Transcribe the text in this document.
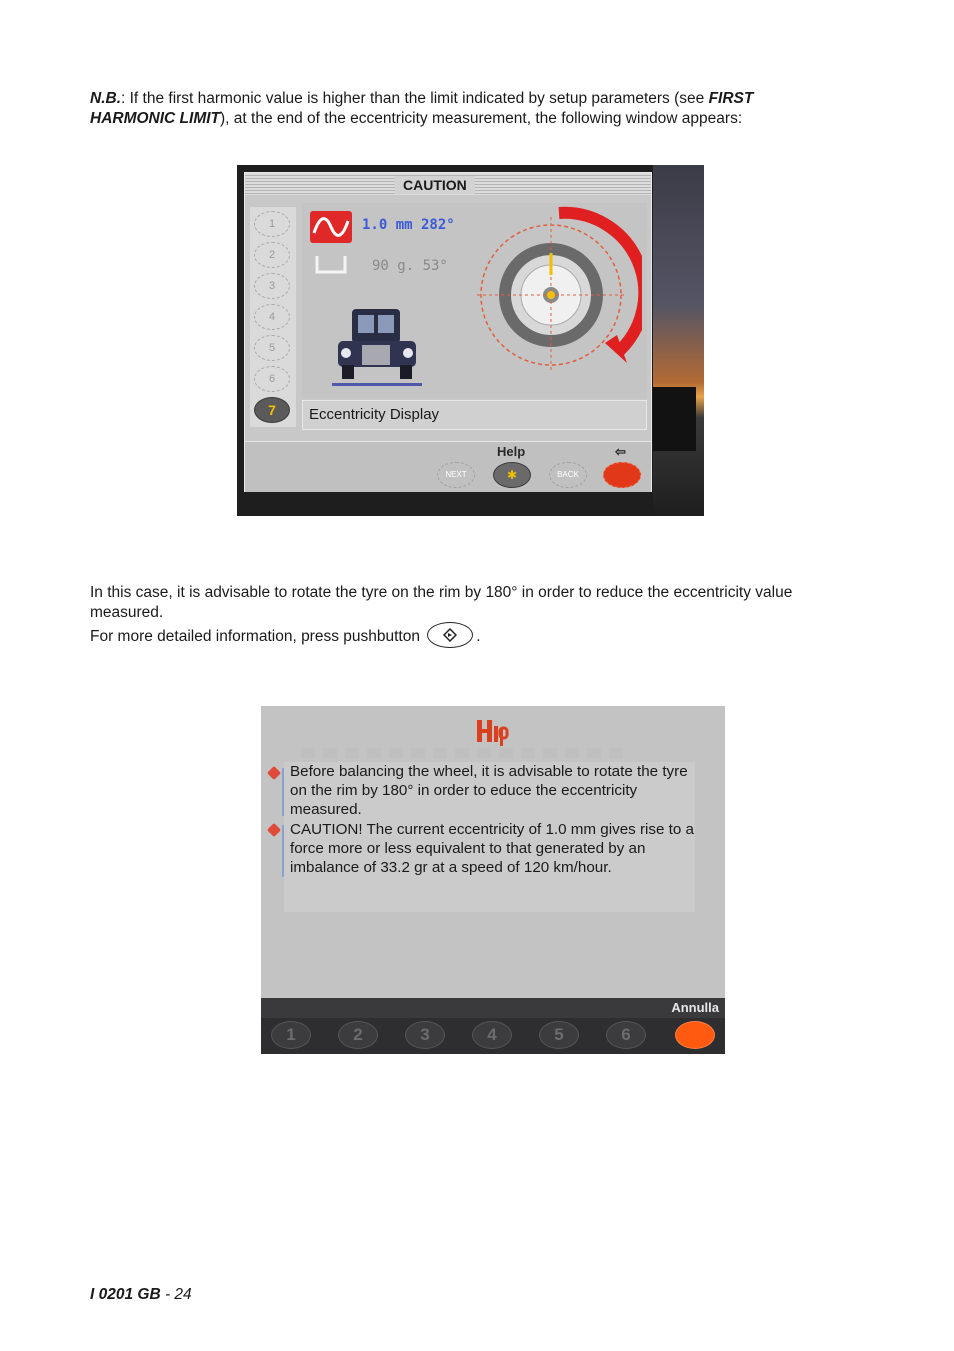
N.B.: If the first harmonic value is higher than the limit indicated by setup parameters (see FIRST HARMONIC LIMIT), at the end of the eccentricity measurement, the following window appears:

CAUTION
1
2
3
4
5
6
7
1.0 mm 282°
90 g. 53°
Eccentricity Display
Help	⇦
NEXT	✱	BACK

In this case, it is advisable to rotate the tyre on the rim by 180° in order to reduce the eccentricity value measured.

For more detailed information, press pushbutton	.

Before balancing the wheel, it is advisable to rotate the tyre on the rim by 180° in order to educe the eccentricity measured.
CAUTION! The current eccentricity of 1.0 mm gives rise to a force more or less equivalent to that generated by an imbalance of 33.2 gr at a speed of 120 km/hour.
Annulla
1	2	3	4	5	6
I 0201 GB - 24
